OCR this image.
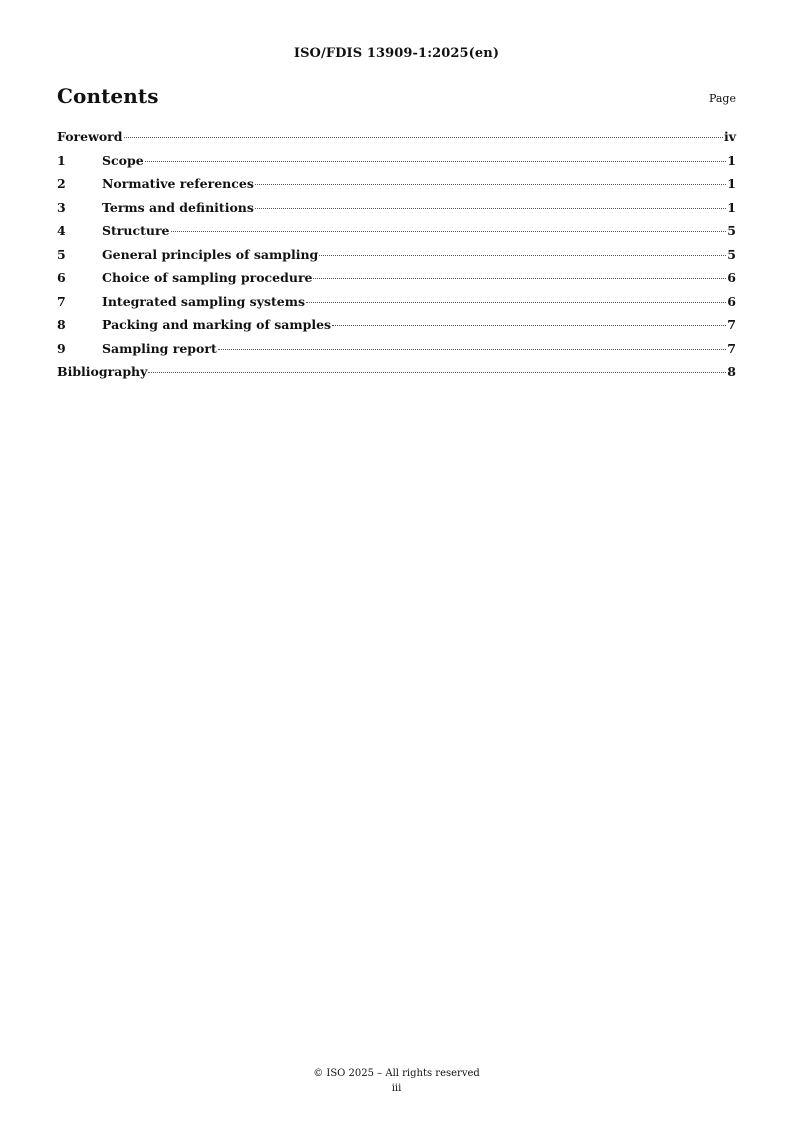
ISO/FDIS 13909-1:2025(en)
Contents	Page
Foreword	iv
1	Scope	1
2	Normative references	1
3	Terms and definitions	1
4	Structure	5
5	General principles of sampling	5
6	Choice of sampling procedure	6
7	Integrated sampling systems	6
8	Packing and marking of samples	7
9	Sampling report	7
Bibliography	8
© ISO 2025 – All rights reserved
iii
